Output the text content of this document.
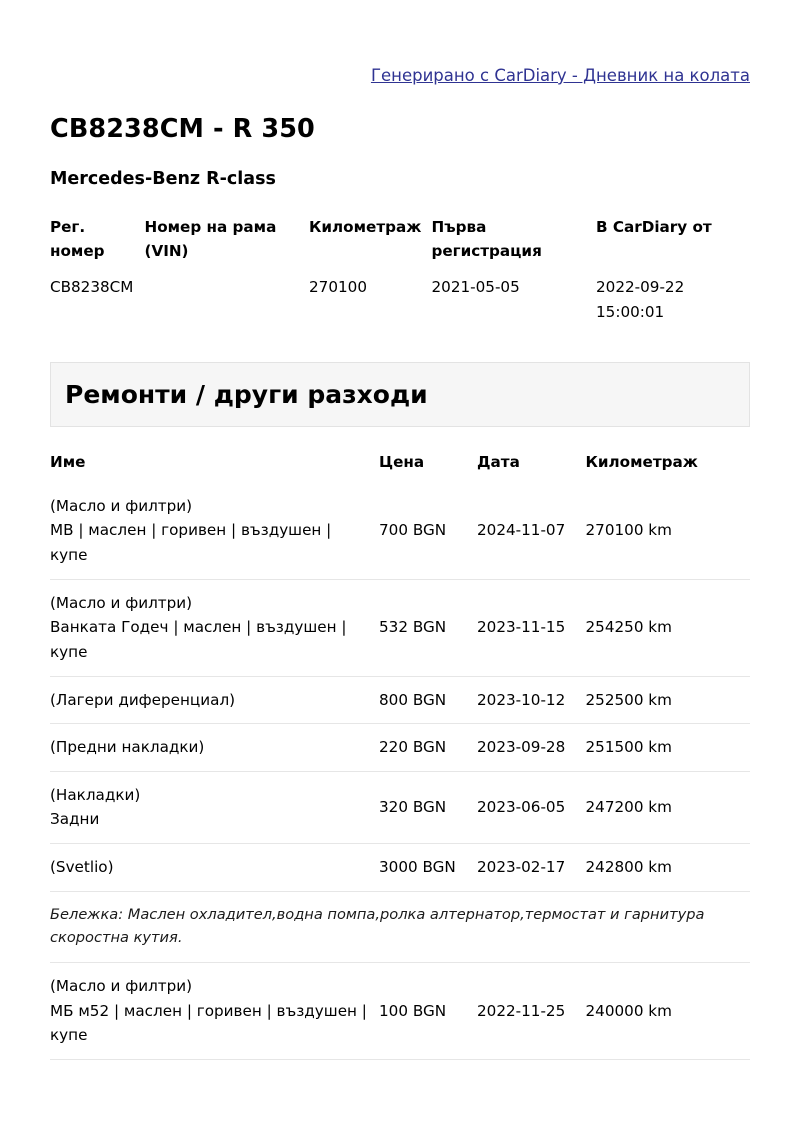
Генерирано с CarDiary - Дневник на колата
CB8238CM - R 350
Mercedes-Benz R-class
Рег. номер	Номер на рама (VIN)	Километраж	Първа регистрация	В CarDiary от
CB8238CM		270100	2021-05-05	2022-09-22 15:00:01
Ремонти / други разходи
Име	Цена	Дата	Километраж

(Масло и филтри)
МВ | маслен | горивен | въздушен | купе	700 BGN	2024-11-07	270100 km

(Масло и филтри)
Ванката Годеч | маслен | въздушен | купе	532 BGN	2023-11-15	254250 km

(Лагери диференциал)	800 BGN	2023-10-12	252500 km

(Предни накладки)	220 BGN	2023-09-28	251500 km

(Накладки)
Задни	320 BGN	2023-06-05	247200 km

(Svetlio)	3000 BGN	2023-02-17	242800 km

Бележка: Маслен охладител,водна помпа,ролка алтернатор,термостат и гарнитура скоростна кутия.			

(Масло и филтри)
МБ м52 | маслен | горивен | въздушен | купе	100 BGN	2022-11-25	240000 km
